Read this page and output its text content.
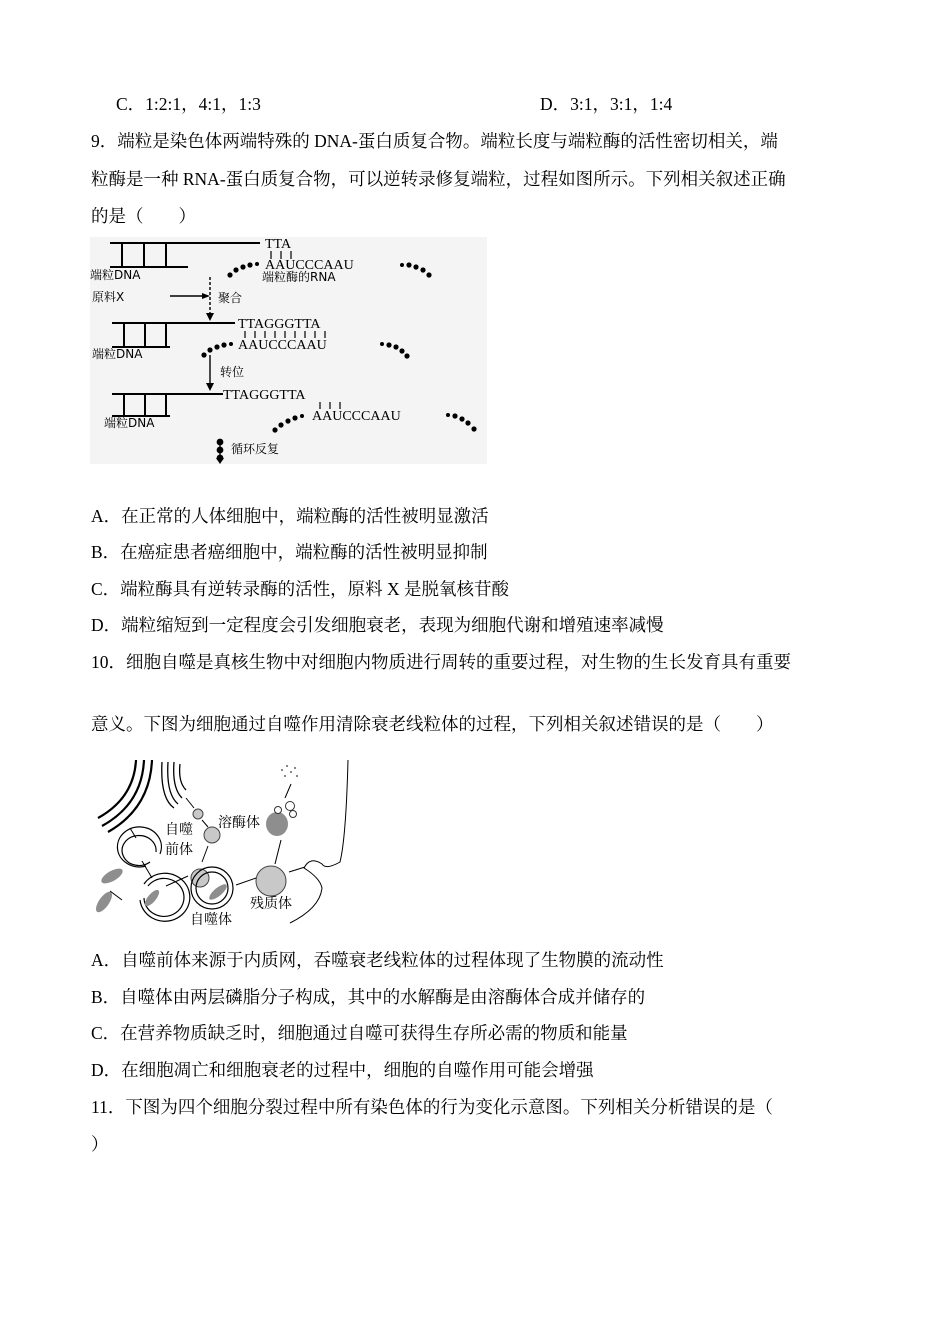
C．1:2:1，4:1，1:3	D．3:1，3:1，1:4
9．端粒是染色体两端特殊的 DNA-蛋白质复合物。端粒长度与端粒酶的活性密切相关，端
粒酶是一种 RNA-蛋白质复合物，可以逆转录修复端粒，过程如图所示。下列相关叙述正确
的是（　　）
TTA
AAUCCCAAU
TTAGGGTTA
AAUCCCAAU
TTAGGGTTA
AAUCCCAAU
端粒DNA	端粒酶的RNA
原料X	聚合
端粒DNA
转位
端粒DNA
循环反复
A．在正常的人体细胞中，端粒酶的活性被明显激活
B．在癌症患者癌细胞中，端粒酶的活性被明显抑制
C．端粒酶具有逆转录酶的活性，原料 X 是脱氧核苷酸
D．端粒缩短到一定程度会引发细胞衰老，表现为细胞代谢和增殖速率减慢
10．细胞自噬是真核生物中对细胞内物质进行周转的重要过程，对生物的生长发育具有重要
意义。下图为细胞通过自噬作用清除衰老线粒体的过程，下列相关叙述错误的是（　　）
自噬
前体
溶酶体
自噬体
残质体
A．自噬前体来源于内质网，吞噬衰老线粒体的过程体现了生物膜的流动性
B．自噬体由两层磷脂分子构成，其中的水解酶是由溶酶体合成并储存的
C．在营养物质缺乏时，细胞通过自噬可获得生存所必需的物质和能量
D．在细胞凋亡和细胞衰老的过程中，细胞的自噬作用可能会增强
11．下图为四个细胞分裂过程中所有染色体的行为变化示意图。下列相关分析错误的是（
）
